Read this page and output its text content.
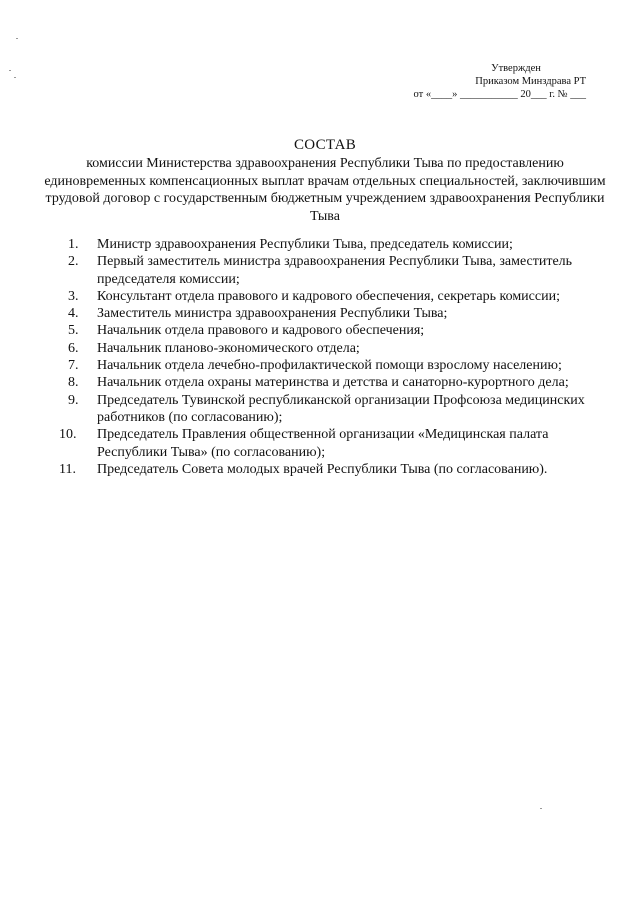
Утвержден
Приказом Минздрава РТ
от «____» ___________ 20___ г. № ___
СОСТАВ
комиссии Министерства здравоохранения Республики Тыва по предоставлению единовременных компенсационных выплат врачам отдельных специальностей, заключившим трудовой договор с государственным бюджетным учреждением здравоохранения Республики Тыва
1.	Министр здравоохранения Республики Тыва, председатель комиссии;
2.	Первый заместитель министра здравоохранения Республики Тыва, заместитель председателя комиссии;
3.	Консультант отдела правового и кадрового обеспечения, секретарь комиссии;
4.	Заместитель министра здравоохранения Республики Тыва;
5.	Начальник отдела правового и кадрового обеспечения;
6.	Начальник планово-экономического отдела;
7.	Начальник отдела лечебно-профилактической помощи взрослому населению;
8.	Начальник отдела охраны материнства и детства и санаторно-курортного дела;
9.	Председатель Тувинской республиканской организации Профсоюза медицинских работников (по согласованию);
10.	Председатель Правления общественной организации «Медицинская палата Республики Тыва» (по согласованию);
11.	Председатель Совета молодых врачей Республики Тыва (по согласованию).
